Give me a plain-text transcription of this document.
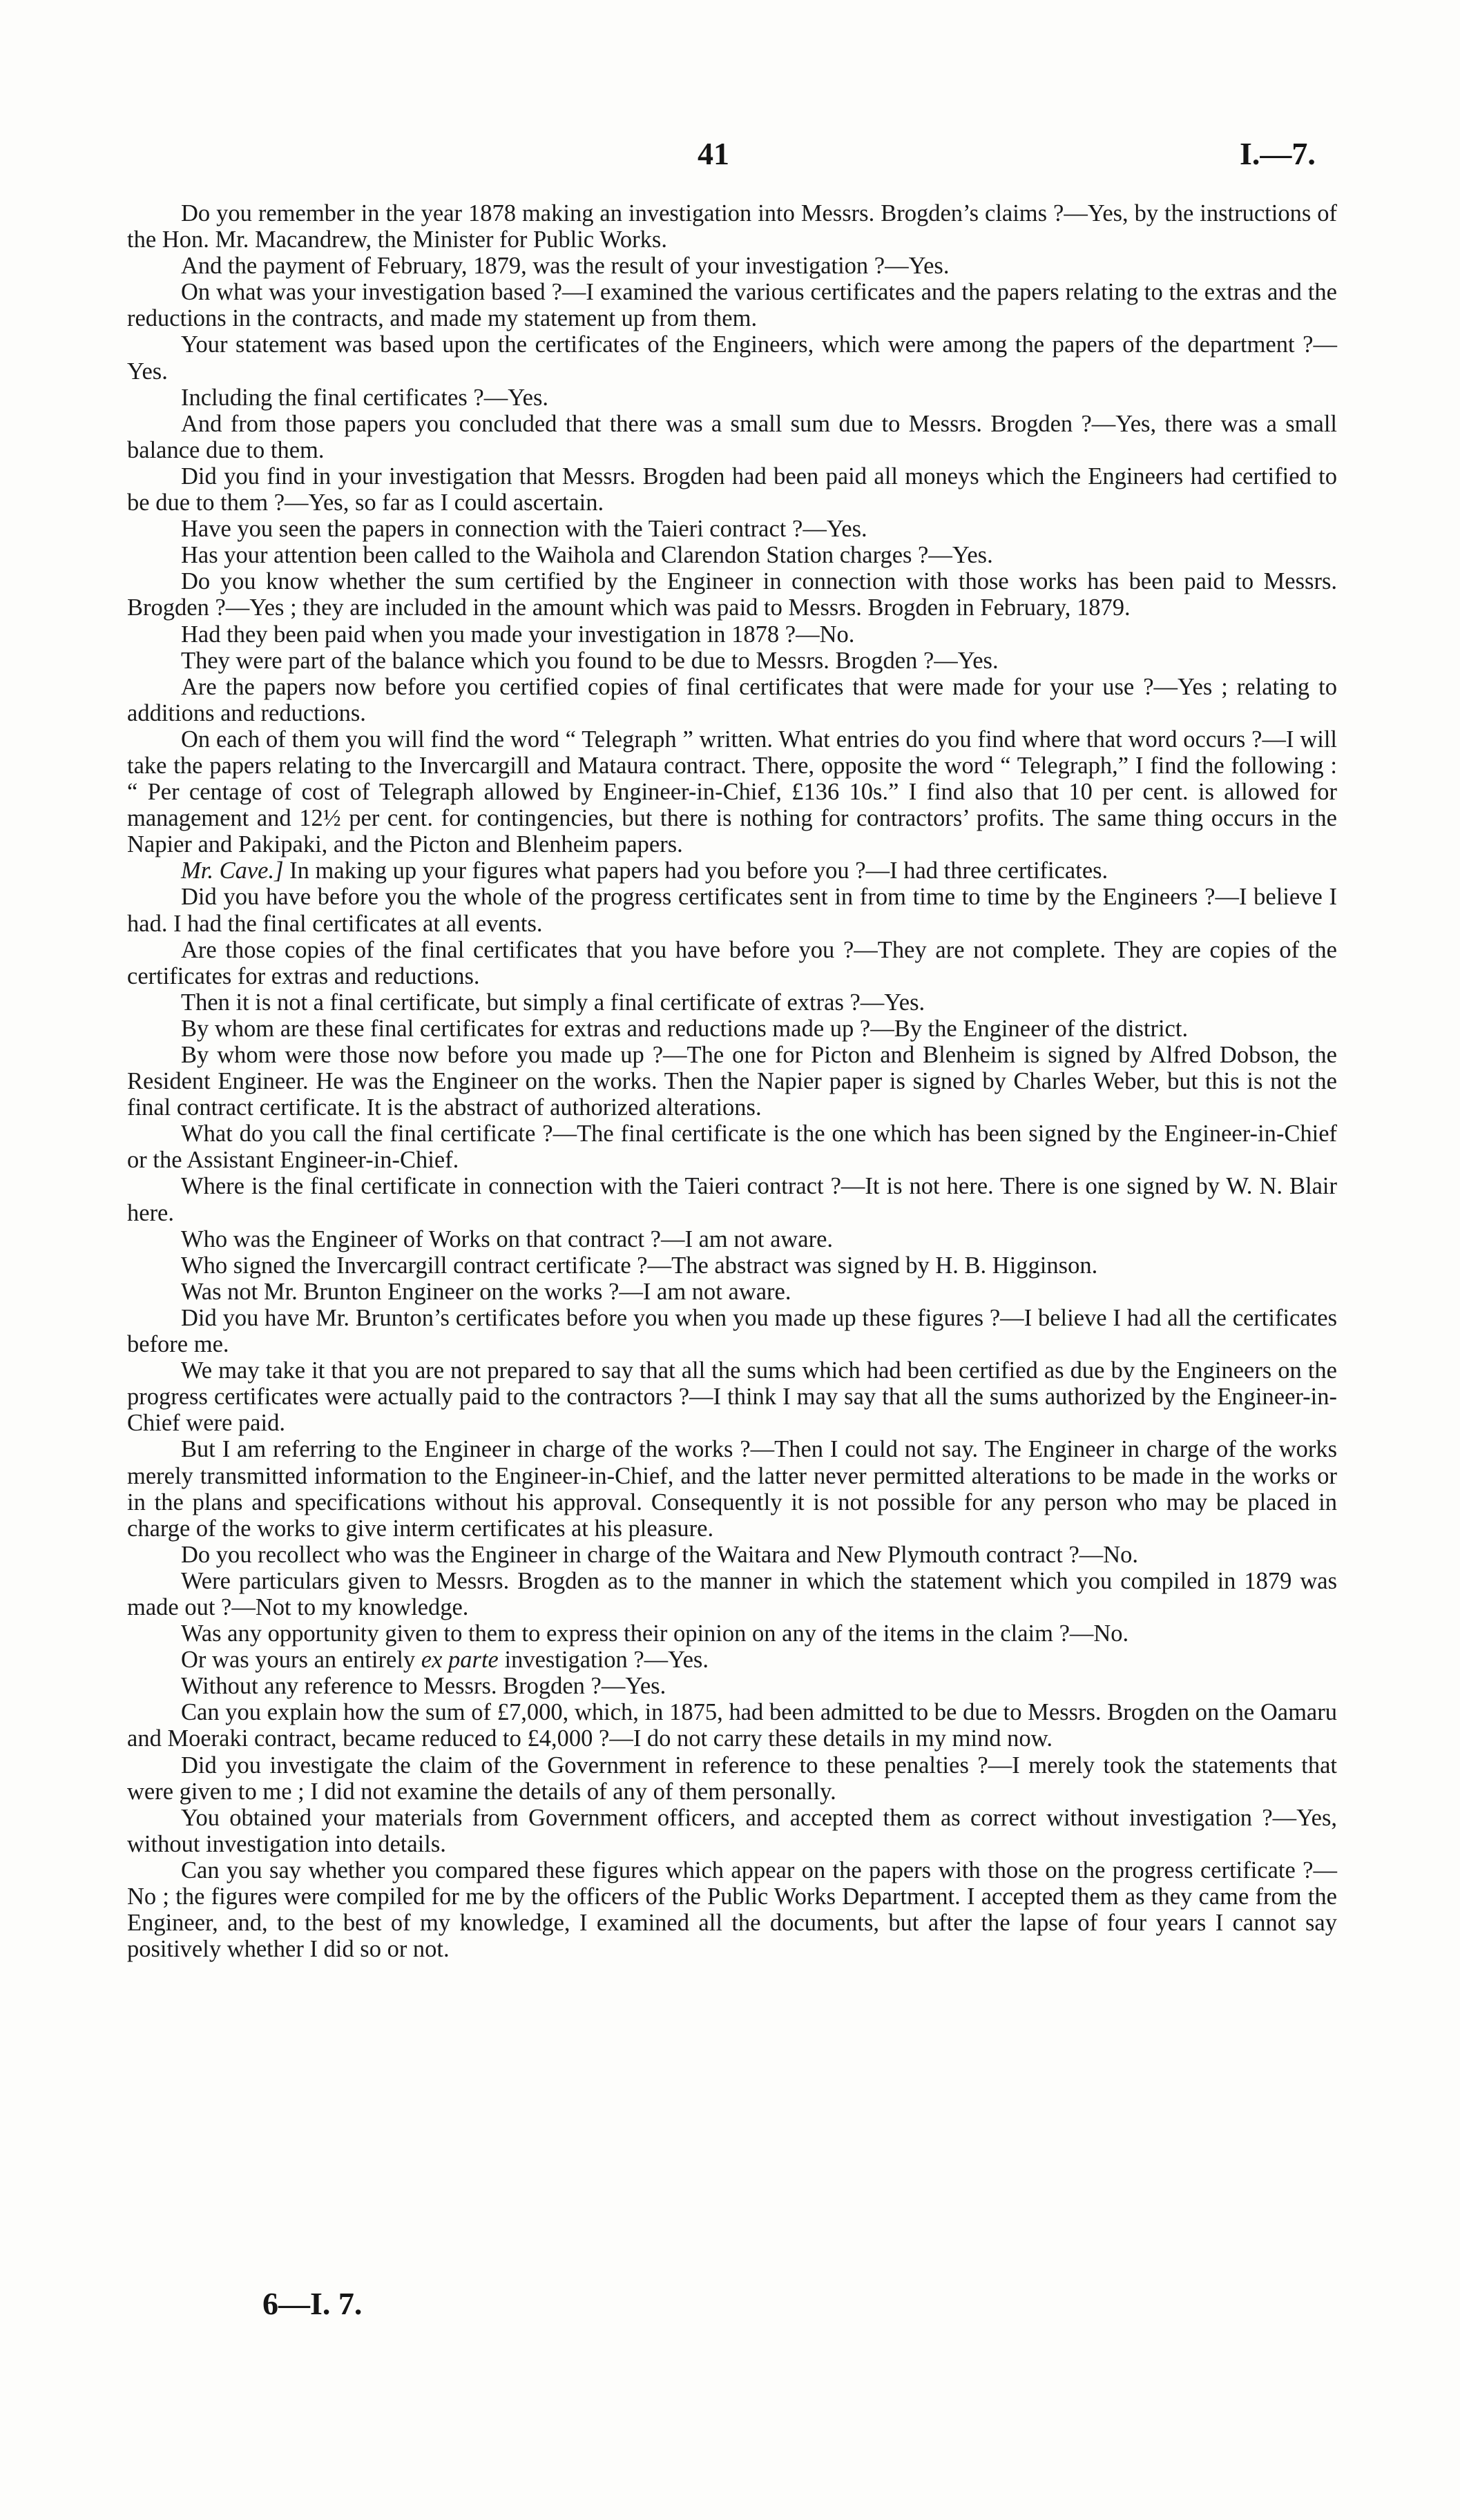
41	I.—7.

Do you remember in the year 1878 making an investigation into Messrs. Brogden’s claims ?—Yes, by the instructions of the Hon. Mr. Macandrew, the Minister for Public Works.

And the payment of February, 1879, was the result of your investigation ?—Yes.

On what was your investigation based ?—I examined the various certificates and the papers relating to the extras and the reductions in the contracts, and made my statement up from them.

Your statement was based upon the certificates of the Engineers, which were among the papers of the department ?—Yes.

Including the final certificates ?—Yes.

And from those papers you concluded that there was a small sum due to Messrs. Brogden ?—Yes, there was a small balance due to them.

Did you find in your investigation that Messrs. Brogden had been paid all moneys which the Engineers had certified to be due to them ?—Yes, so far as I could ascertain.

Have you seen the papers in connection with the Taieri contract ?—Yes.

Has your attention been called to the Waihola and Clarendon Station charges ?—Yes.

Do you know whether the sum certified by the Engineer in connection with those works has been paid to Messrs. Brogden ?—Yes ; they are included in the amount which was paid to Messrs. Brogden in February, 1879.

Had they been paid when you made your investigation in 1878 ?—No.

They were part of the balance which you found to be due to Messrs. Brogden ?—Yes.

Are the papers now before you certified copies of final certificates that were made for your use ?—Yes ; relating to additions and reductions.

On each of them you will find the word “ Telegraph ” written. What entries do you find where that word occurs ?—I will take the papers relating to the Invercargill and Mataura contract. There, opposite the word “ Telegraph,” I find the following : “ Per centage of cost of Telegraph allowed by Engineer-in-Chief, £136 10s.” I find also that 10 per cent. is allowed for management and 12½ per cent. for contingencies, but there is nothing for contractors’ profits. The same thing occurs in the Napier and Pakipaki, and the Picton and Blenheim papers.

Mr. Cave.] In making up your figures what papers had you before you ?—I had three certificates.

Did you have before you the whole of the progress certificates sent in from time to time by the Engineers ?—I believe I had. I had the final certificates at all events.

Are those copies of the final certificates that you have before you ?—They are not complete. They are copies of the certificates for extras and reductions.

Then it is not a final certificate, but simply a final certificate of extras ?—Yes.

By whom are these final certificates for extras and reductions made up ?—By the Engineer of the district.

By whom were those now before you made up ?—The one for Picton and Blenheim is signed by Alfred Dobson, the Resident Engineer. He was the Engineer on the works. Then the Napier paper is signed by Charles Weber, but this is not the final contract certificate. It is the abstract of authorized alterations.

What do you call the final certificate ?—The final certificate is the one which has been signed by the Engineer-in-Chief or the Assistant Engineer-in-Chief.

Where is the final certificate in connection with the Taieri contract ?—It is not here. There is one signed by W. N. Blair here.

Who was the Engineer of Works on that contract ?—I am not aware.

Who signed the Invercargill contract certificate ?—The abstract was signed by H. B. Higginson.

Was not Mr. Brunton Engineer on the works ?—I am not aware.

Did you have Mr. Brunton’s certificates before you when you made up these figures ?—I believe I had all the certificates before me.

We may take it that you are not prepared to say that all the sums which had been certified as due by the Engineers on the progress certificates were actually paid to the contractors ?—I think I may say that all the sums authorized by the Engineer-in-Chief were paid.

But I am referring to the Engineer in charge of the works ?—Then I could not say. The Engineer in charge of the works merely transmitted information to the Engineer-in-Chief, and the latter never permitted alterations to be made in the works or in the plans and specifications without his approval. Consequently it is not possible for any person who may be placed in charge of the works to give interm certificates at his pleasure.

Do you recollect who was the Engineer in charge of the Waitara and New Plymouth contract ?—No.

Were particulars given to Messrs. Brogden as to the manner in which the statement which you compiled in 1879 was made out ?—Not to my knowledge.

Was any opportunity given to them to express their opinion on any of the items in the claim ?—No.

Or was yours an entirely ex parte investigation ?—Yes.

Without any reference to Messrs. Brogden ?—Yes.

Can you explain how the sum of £7,000, which, in 1875, had been admitted to be due to Messrs. Brogden on the Oamaru and Moeraki contract, became reduced to £4,000 ?—I do not carry these details in my mind now.

Did you investigate the claim of the Government in reference to these penalties ?—I merely took the statements that were given to me ; I did not examine the details of any of them personally.

You obtained your materials from Government officers, and accepted them as correct without investigation ?—Yes, without investigation into details.

Can you say whether you compared these figures which appear on the papers with those on the progress certificate ?—No ; the figures were compiled for me by the officers of the Public Works Department. I accepted them as they came from the Engineer, and, to the best of my knowledge, I examined all the documents, but after the lapse of four years I cannot say positively whether I did so or not.

6—I. 7.
